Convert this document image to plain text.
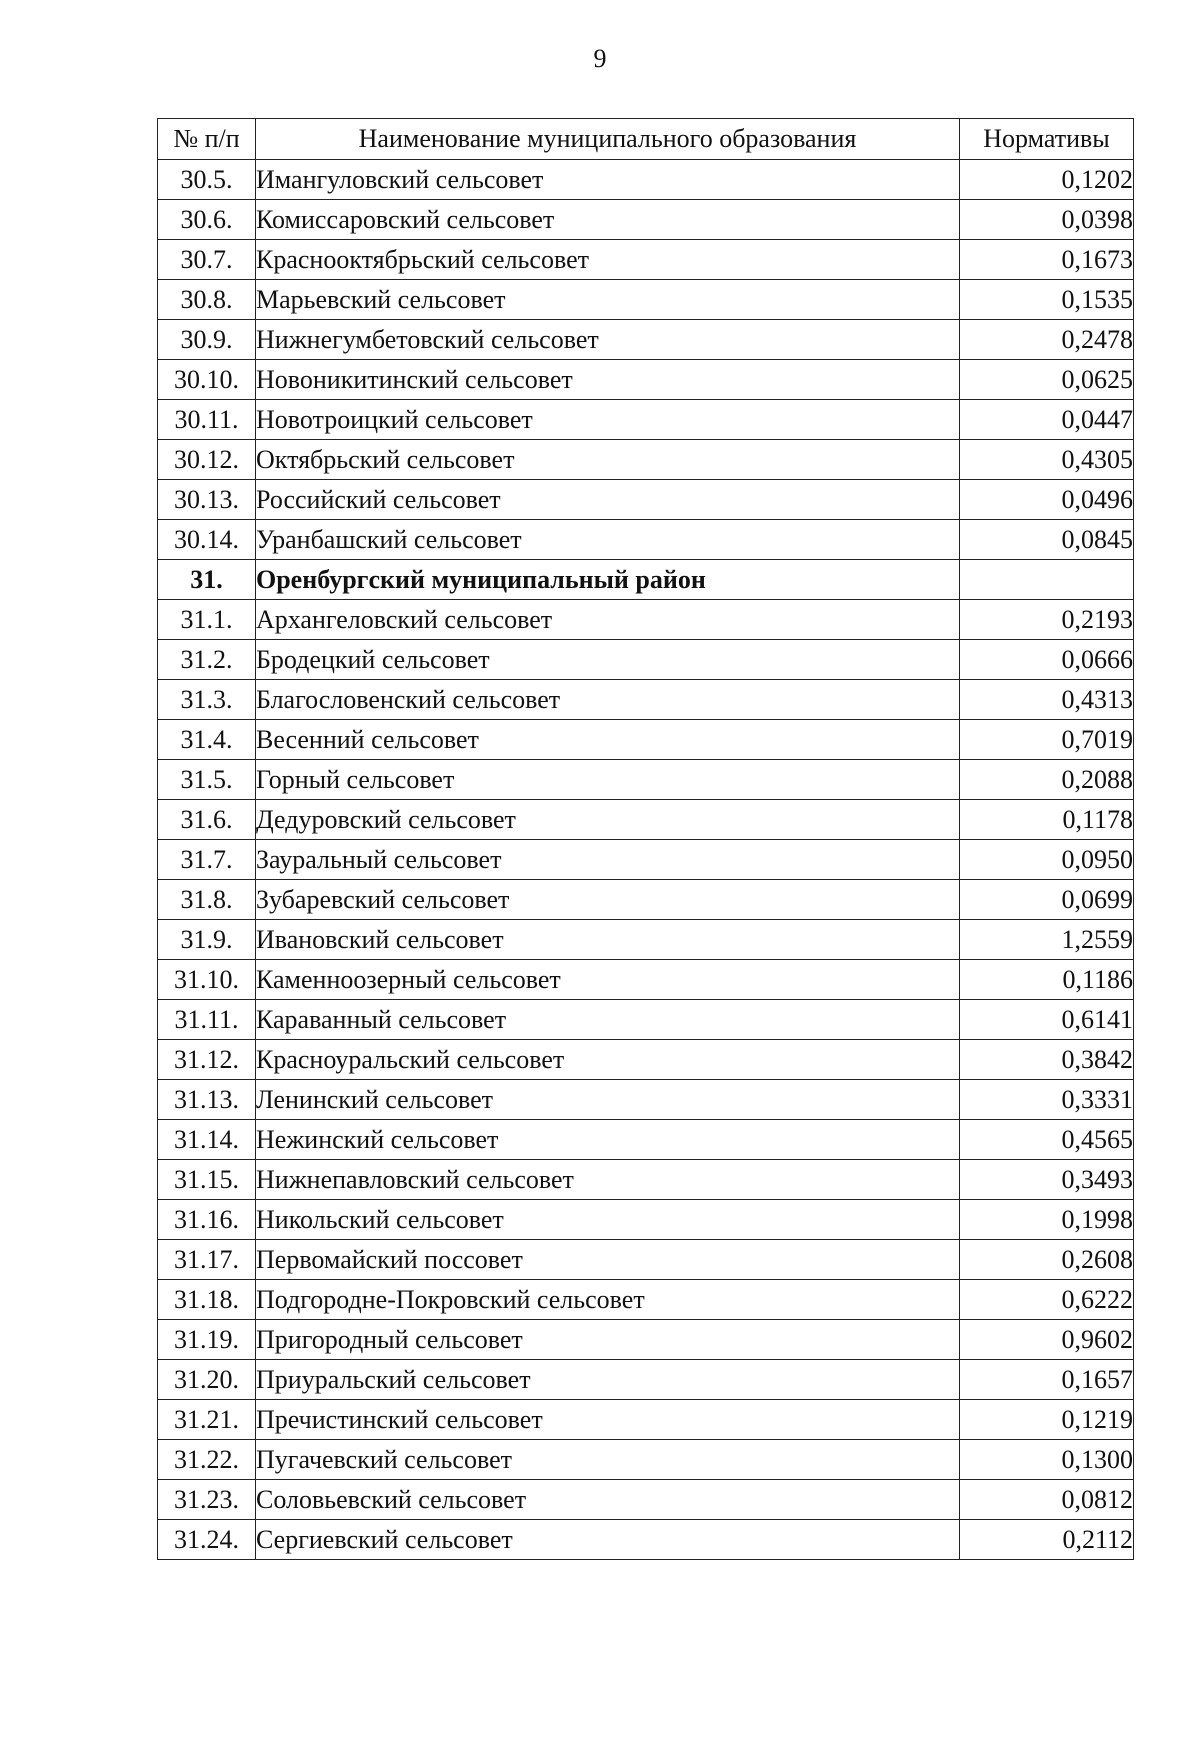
9
№ п/п	Наименование муниципального образования	Нормативы
30.5.	Имангуловский сельсовет	0,1202
30.6.	Комиссаровский сельсовет	0,0398
30.7.	Краснооктябрьский сельсовет	0,1673
30.8.	Марьевский сельсовет	0,1535
30.9.	Нижнегумбетовский сельсовет	0,2478
30.10.	Новоникитинский сельсовет	0,0625
30.11.	Новотроицкий сельсовет	0,0447
30.12.	Октябрьский сельсовет	0,4305
30.13.	Российский сельсовет	0,0496
30.14.	Уранбашский сельсовет	0,0845
31.	Оренбургский муниципальный район	
31.1.	Архангеловский сельсовет	0,2193
31.2.	Бродецкий сельсовет	0,0666
31.3.	Благословенский сельсовет	0,4313
31.4.	Весенний сельсовет	0,7019
31.5.	Горный сельсовет	0,2088
31.6.	Дедуровский сельсовет	0,1178
31.7.	Зауральный сельсовет	0,0950
31.8.	Зубаревский сельсовет	0,0699
31.9.	Ивановский сельсовет	1,2559
31.10.	Каменноозерный сельсовет	0,1186
31.11.	Караванный сельсовет	0,6141
31.12.	Красноуральский сельсовет	0,3842
31.13.	Ленинский сельсовет	0,3331
31.14.	Нежинский сельсовет	0,4565
31.15.	Нижнепавловский сельсовет	0,3493
31.16.	Никольский сельсовет	0,1998
31.17.	Первомайский поссовет	0,2608
31.18.	Подгородне-Покровский сельсовет	0,6222
31.19.	Пригородный сельсовет	0,9602
31.20.	Приуральский сельсовет	0,1657
31.21.	Пречистинский сельсовет	0,1219
31.22.	Пугачевский сельсовет	0,1300
31.23.	Соловьевский сельсовет	0,0812
31.24.	Сергиевский сельсовет	0,2112
